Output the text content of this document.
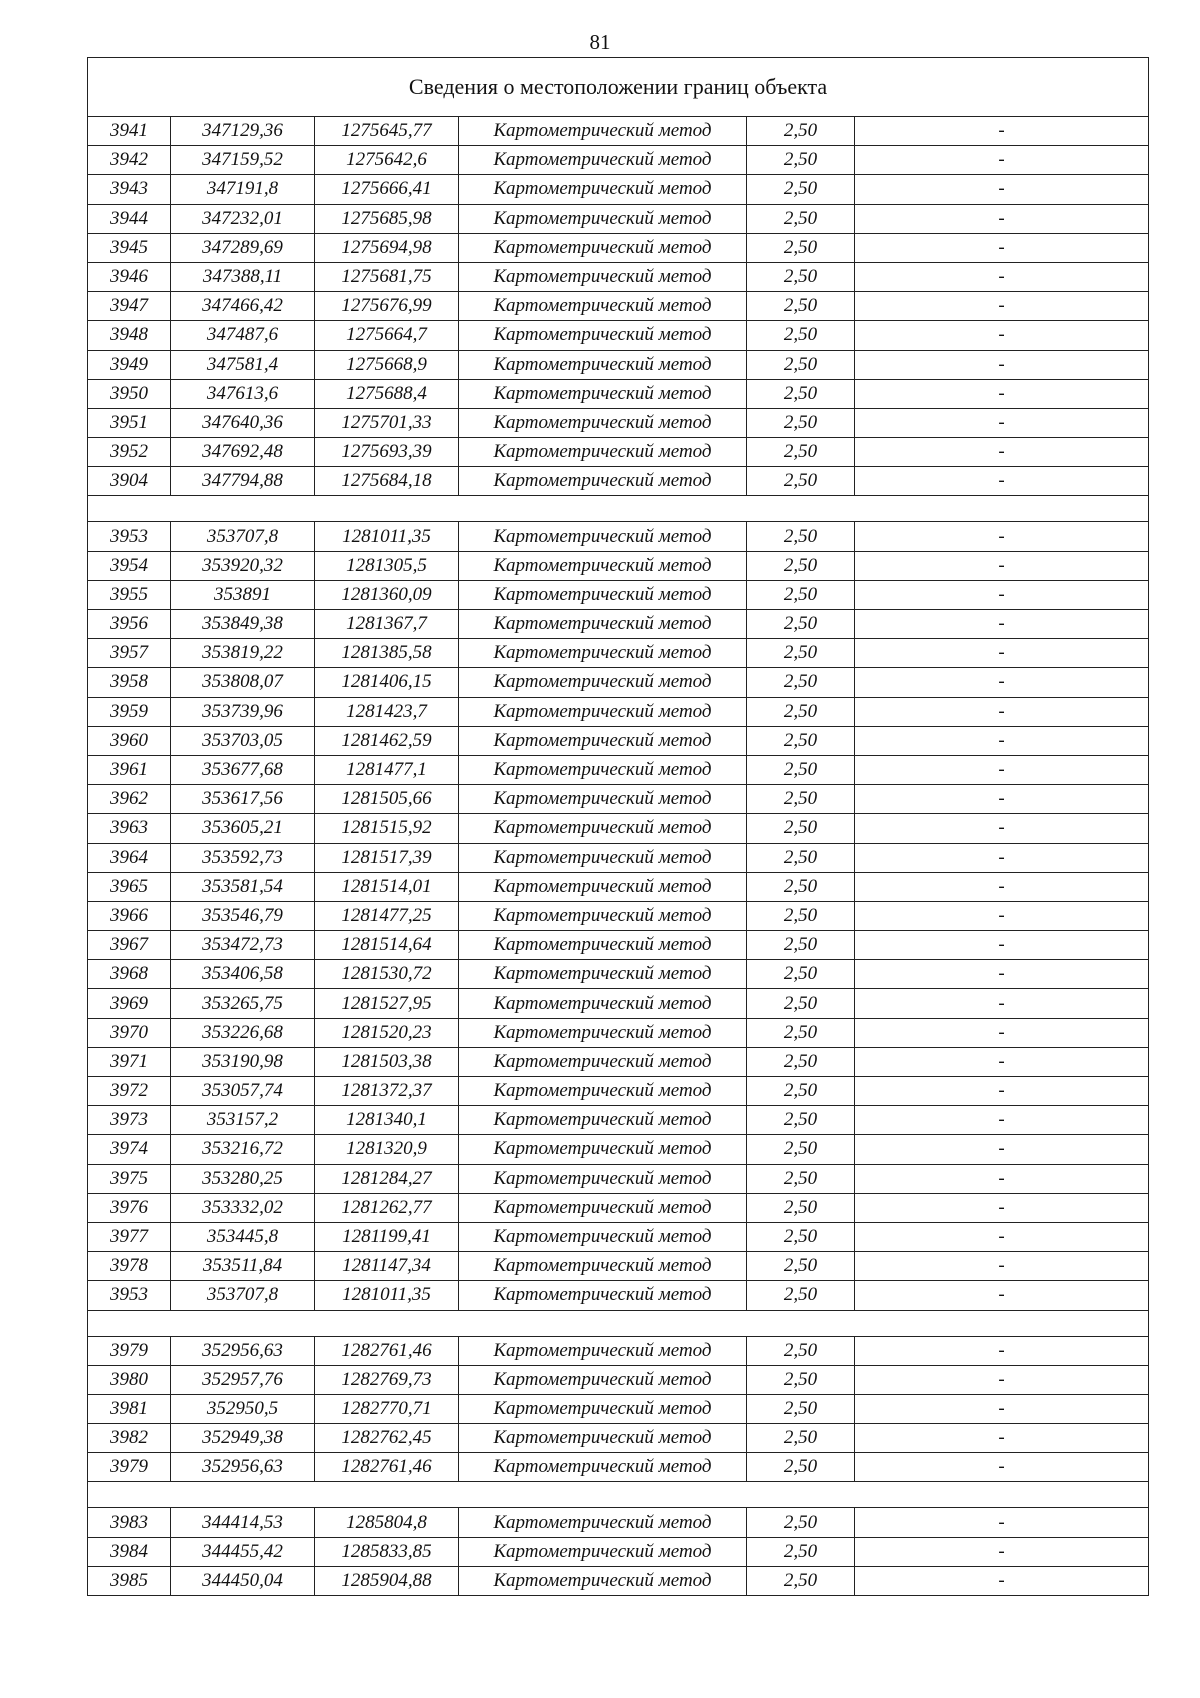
81
Сведения о местоположении границ объекта					
3941	347129,36	1275645,77	Картометрический метод	2,50	-
3942	347159,52	1275642,6	Картометрический метод	2,50	-
3943	347191,8	1275666,41	Картометрический метод	2,50	-
3944	347232,01	1275685,98	Картометрический метод	2,50	-
3945	347289,69	1275694,98	Картометрический метод	2,50	-
3946	347388,11	1275681,75	Картометрический метод	2,50	-
3947	347466,42	1275676,99	Картометрический метод	2,50	-
3948	347487,6	1275664,7	Картометрический метод	2,50	-
3949	347581,4	1275668,9	Картометрический метод	2,50	-
3950	347613,6	1275688,4	Картометрический метод	2,50	-
3951	347640,36	1275701,33	Картометрический метод	2,50	-
3952	347692,48	1275693,39	Картометрический метод	2,50	-
3904	347794,88	1275684,18	Картометрический метод	2,50	-

3953	353707,8	1281011,35	Картометрический метод	2,50	-
3954	353920,32	1281305,5	Картометрический метод	2,50	-
3955	353891	1281360,09	Картометрический метод	2,50	-
3956	353849,38	1281367,7	Картометрический метод	2,50	-
3957	353819,22	1281385,58	Картометрический метод	2,50	-
3958	353808,07	1281406,15	Картометрический метод	2,50	-
3959	353739,96	1281423,7	Картометрический метод	2,50	-
3960	353703,05	1281462,59	Картометрический метод	2,50	-
3961	353677,68	1281477,1	Картометрический метод	2,50	-
3962	353617,56	1281505,66	Картометрический метод	2,50	-
3963	353605,21	1281515,92	Картометрический метод	2,50	-
3964	353592,73	1281517,39	Картометрический метод	2,50	-
3965	353581,54	1281514,01	Картометрический метод	2,50	-
3966	353546,79	1281477,25	Картометрический метод	2,50	-
3967	353472,73	1281514,64	Картометрический метод	2,50	-
3968	353406,58	1281530,72	Картометрический метод	2,50	-
3969	353265,75	1281527,95	Картометрический метод	2,50	-
3970	353226,68	1281520,23	Картометрический метод	2,50	-
3971	353190,98	1281503,38	Картометрический метод	2,50	-
3972	353057,74	1281372,37	Картометрический метод	2,50	-
3973	353157,2	1281340,1	Картометрический метод	2,50	-
3974	353216,72	1281320,9	Картометрический метод	2,50	-
3975	353280,25	1281284,27	Картометрический метод	2,50	-
3976	353332,02	1281262,77	Картометрический метод	2,50	-
3977	353445,8	1281199,41	Картометрический метод	2,50	-
3978	353511,84	1281147,34	Картометрический метод	2,50	-
3953	353707,8	1281011,35	Картометрический метод	2,50	-

3979	352956,63	1282761,46	Картометрический метод	2,50	-
3980	352957,76	1282769,73	Картометрический метод	2,50	-
3981	352950,5	1282770,71	Картометрический метод	2,50	-
3982	352949,38	1282762,45	Картометрический метод	2,50	-
3979	352956,63	1282761,46	Картометрический метод	2,50	-

3983	344414,53	1285804,8	Картометрический метод	2,50	-
3984	344455,42	1285833,85	Картометрический метод	2,50	-
3985	344450,04	1285904,88	Картометрический метод	2,50	-
